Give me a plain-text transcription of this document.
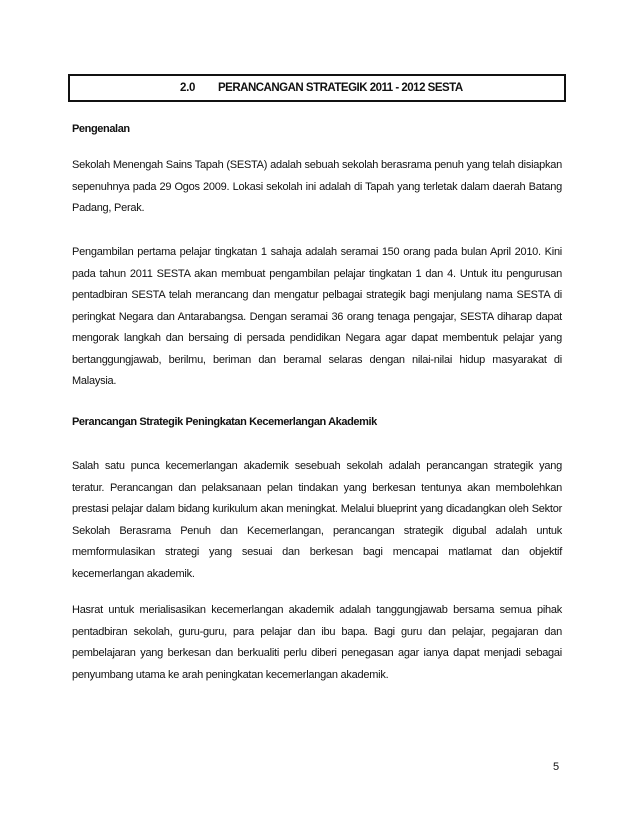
2.0 PERANCANGAN STRATEGIK 2011 - 2012 SESTA
Pengenalan

Sekolah Menengah Sains Tapah (SESTA) adalah sebuah sekolah berasrama penuh yang telah disiapkan sepenuhnya pada 29 Ogos 2009. Lokasi sekolah ini adalah di Tapah yang terletak dalam daerah Batang Padang, Perak.

Pengambilan pertama pelajar tingkatan 1 sahaja adalah seramai 150 orang pada bulan April 2010. Kini pada tahun 2011 SESTA akan membuat pengambilan pelajar tingkatan 1 dan 4. Untuk itu pengurusan pentadbiran SESTA telah merancang dan mengatur pelbagai strategik bagi menjulang nama SESTA di peringkat Negara dan Antarabangsa. Dengan seramai 36 orang tenaga pengajar, SESTA diharap dapat mengorak langkah dan bersaing di persada pendidikan Negara agar dapat membentuk pelajar yang bertanggungjawab, berilmu, beriman dan beramal selaras dengan nilai-nilai hidup masyarakat di Malaysia.

Perancangan Strategik Peningkatan Kecemerlangan Akademik

Salah satu punca kecemerlangan akademik sesebuah sekolah adalah perancangan strategik yang teratur. Perancangan dan pelaksanaan pelan tindakan yang berkesan tentunya akan membolehkan prestasi pelajar dalam bidang kurikulum akan meningkat. Melalui blueprint yang dicadangkan oleh Sektor Sekolah Berasrama Penuh dan Kecemerlangan, perancangan strategik digubal adalah untuk memformulasikan strategi yang sesuai dan berkesan bagi mencapai matlamat dan objektif kecemerlangan akademik.

Hasrat untuk merialisasikan kecemerlangan akademik adalah tanggungjawab bersama semua pihak pentadbiran sekolah, guru-guru, para pelajar dan ibu bapa. Bagi guru dan pelajar, pegajaran dan pembelajaran yang berkesan dan berkualiti perlu diberi penegasan agar ianya dapat menjadi sebagai penyumbang utama ke arah peningkatan kecemerlangan akademik.

5
